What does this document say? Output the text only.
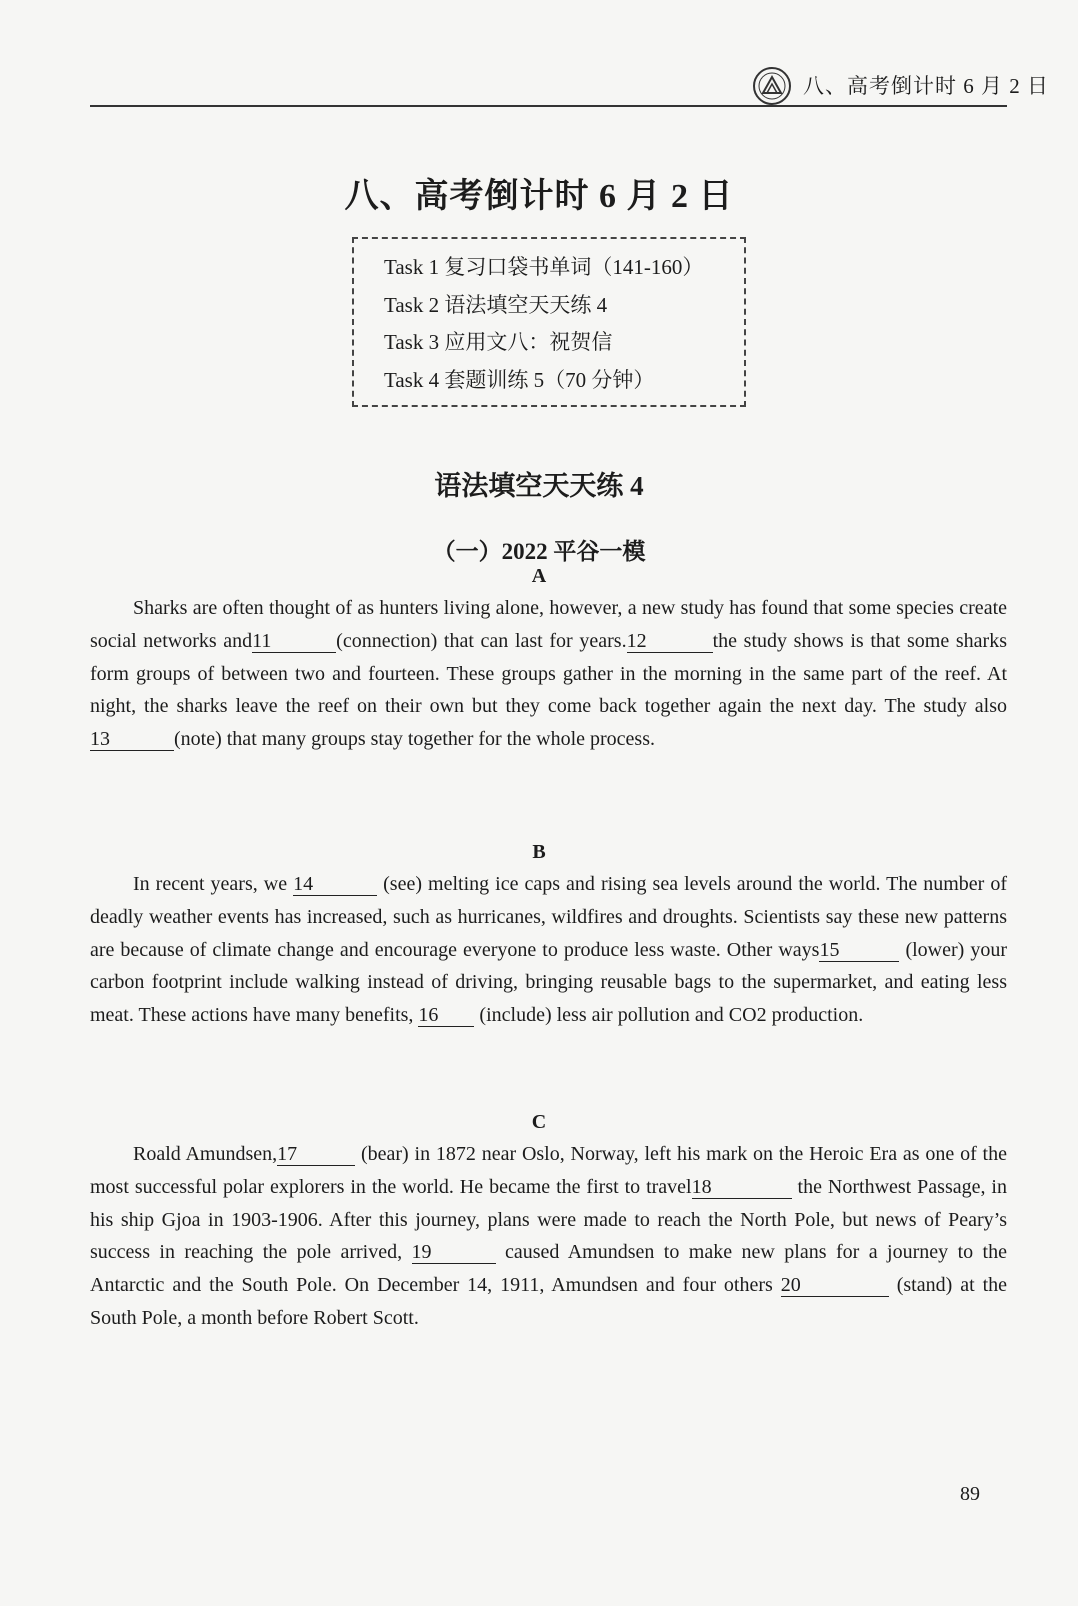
八、高考倒计时 6 月 2 日
八、高考倒计时 6 月 2 日
Task 1 复习口袋书单词（141-160）
Task 2 语法填空天天练 4
Task 3 应用文八：祝贺信
Task 4 套题训练 5（70 分钟）
语法填空天天练 4
（一）2022 平谷一模
A

Sharks are often thought of as hunters living alone, however, a new study has found that some species create social networks and11	(connection) that can last for years.12	the study shows is that some sharks form groups of between two and fourteen. These groups gather in the morning in the same part of the reef. At night, the sharks leave the reef on their own but they come back together again the next day. The study also13	(note) that many groups stay together for the whole process.

B

In recent years, we 14	(see) melting ice caps and rising sea levels around the world. The number of deadly weather events has increased, such as hurricanes, wildfires and droughts. Scientists say these new patterns are because of climate change and encourage everyone to produce less waste. Other ways15	(lower) your carbon footprint include walking instead of driving, bringing reusable bags to the supermarket, and eating less meat. These actions have many benefits, 16 (include) less air pollution and CO2 production.

C

Roald Amundsen,17	(bear) in 1872 near Oslo, Norway, left his mark on the Heroic Era as one of the most successful polar explorers in the world. He became the first to travel18	the Northwest Passage, in his ship Gjoa in 1903-1906. After this journey, plans were made to reach the North Pole, but news of Peary’s success in reaching the pole arrived, 19	caused Amundsen to make new plans for a journey to the Antarctic and the South Pole. On December 14, 1911, Amundsen and four others 20	(stand) at the South Pole, a month before Robert Scott.

89
